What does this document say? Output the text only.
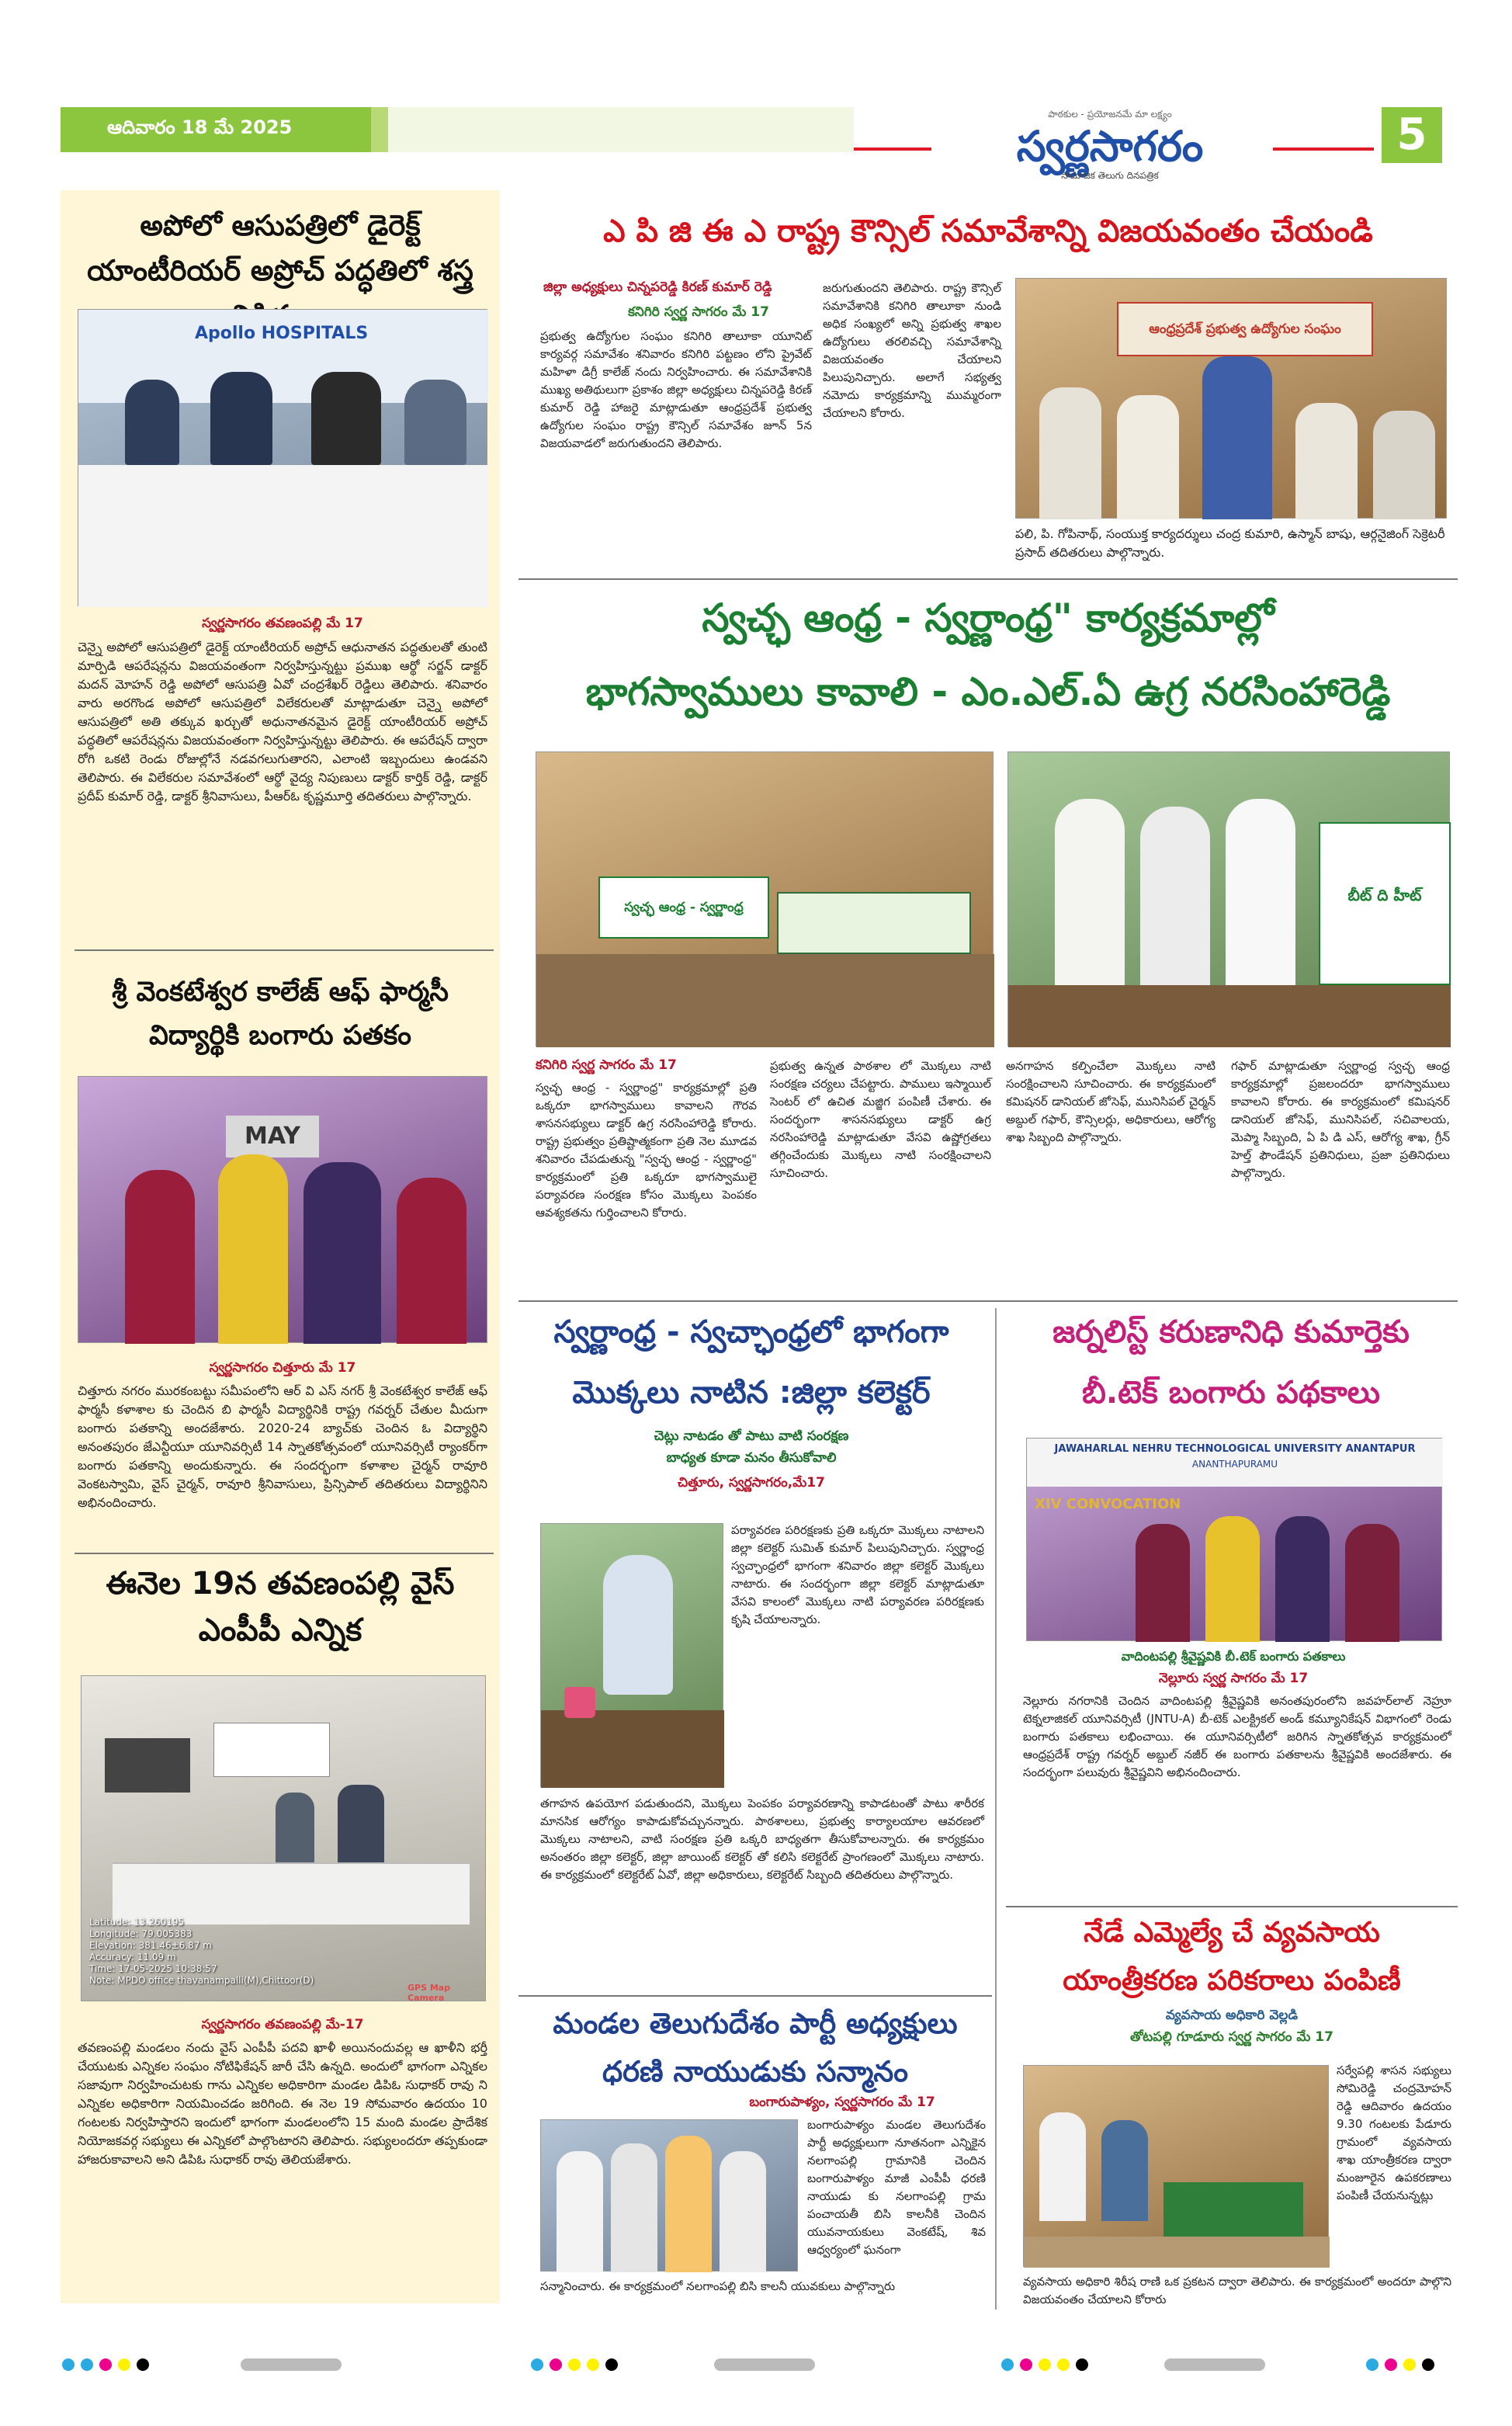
ఆదివారం 18 మే 2025
పాఠకుల - ప్రయోజనమే మా లక్ష్యం
స్వర్ణసాగరం
సామాజిక తెలుగు దినపత్రిక
5
అపోలో ఆసుపత్రిలో డైరెక్ట్ యాంటీరియర్ అప్రోచ్ పద్ధతిలో శస్త్ర
Apollo HOSPITALS
స్వర్ణసాగరం తవణంపల్లి మే 17
చెన్నై అపోలో ఆసుపత్రిలో డైరెక్ట్ యాంటీరియర్ అప్రోచ్ ఆధునాతన పద్ధతులతో తుంటి మార్పిడి ఆపరేషన్లను విజయవంతంగా నిర్వహిస్తున్నట్టు ప్రముఖ ఆర్థో సర్జన్ డాక్టర్ మదన్ మోహన్ రెడ్డి అపోలో ఆసుపత్రి ఏవో చంద్రశేఖర్ రెడ్డిలు తెలిపారు. శనివారం వారు అరగొండ అపోలో ఆసుపత్రిలో విలేకరులతో మాట్లాడుతూ చెన్నై అపోలో ఆసుపత్రిలో అతి తక్కువ ఖర్చుతో అధునాతనమైన డైరెక్ట్ యాంటీరియర్ అప్రోచ్ పద్ధతిలో ఆపరేషన్లను విజయవంతంగా నిర్వహిస్తున్నట్టు తెలిపారు. ఈ ఆపరేషన్ ద్వారా రోగి ఒకటి రెండు రోజుల్లోనే నడవగలుగుతారని, ఎలాంటి ఇబ్బందులు ఉండవని తెలిపారు. ఈ విలేకరుల సమావేశంలో ఆర్థో వైద్య నిపుణులు డాక్టర్ కార్తిక్ రెడ్డి, డాక్టర్ ప్రదీప్ కుమార్ రెడ్డి, డాక్టర్ శ్రీనివాసులు, పీఆర్‌ఓ కృష్ణమూర్తి తదితరులు పాల్గొన్నారు.
శ్రీ వెంకటేశ్వర కాలేజ్ ఆఫ్ ఫార్మసీ విద్యార్థికి బంగారు పతకం
MAY
స్వర్ణసాగరం చిత్తూరు మే 17
చిత్తూరు నగరం మురకంబట్టు సమీపంలోని ఆర్ వి ఎస్ నగర్ శ్రీ వెంకటేశ్వర కాలేజ్ ఆఫ్ ఫార్మసీ కళాశాల కు చెందిన బి ఫార్మసీ విద్యార్థినికి రాష్ట్ర గవర్నర్ చేతుల మీదుగా బంగారు పతకాన్ని అందజేశారు. 2020-24 బ్యాచ్‌కు చెందిన ఓ విద్యార్థిని అనంతపురం జేఎన్టీయూ యూనివర్సిటీ 14 స్నాతకోత్సవంలో యూనివర్సిటీ ర్యాంకర్‌గా బంగారు పతకాన్ని అందుకున్నారు. ఈ సందర్భంగా కళాశాల చైర్మన్ రావూరి వెంకటస్వామి, వైస్ చైర్మన్, రావూరి శ్రీనివాసులు, ప్రిన్సిపాల్ తదితరులు విద్యార్థినిని అభినందించారు.
ఈనెల 19న తవణంపల్లి వైస్ ఎంపీపీ ఎన్నిక
Latitude: 13.260195
Longitude: 79.005383
Elevation: 381.46±6.87 m
Accuracy: 11.09 m
Time: 17-05-2025 10:38:57
Note: MPDO office thavanampalli(M),Chittoor(D)
GPS Map Camera
స్వర్ణసాగరం తవణంపల్లి మే-17
తవణంపల్లి మండలం నందు వైస్ ఎంపీపీ పదవి ఖాళీ అయినందువల్ల ఆ ఖాళీని భర్తీ చేయుటకు ఎన్నికల సంఘం నోటిఫికేషన్ జారీ చేసి ఉన్నది. అందులో భాగంగా ఎన్నికల సజావుగా నిర్వహించుటకు గాను ఎన్నికల అధికారిగా మండల డిపిఓ సుధాకర్ రావు ని ఎన్నికల అధికారిగా నియమించడం జరిగింది. ఈ నెల 19 సోమవారం ఉదయం 10 గంటలకు నిర్వహిస్తారని ఇందులో భాగంగా మండలంలోని 15 మంది మండల ప్రాదేశిక నియోజకవర్గ సభ్యులు ఈ ఎన్నికలో పాల్గొంటారని తెలిపారు. సభ్యులందరూ తప్పకుండా హాజరుకావాలని అని డిపిఓ సుధాకర్ రావు తెలియజేశారు.
ఎ పి జి ఈ ఎ రాష్ట్ర కౌన్సిల్ సమావేశాన్ని విజయవంతం చేయండి
జిల్లా అధ్యక్షులు చిన్నపరెడ్డి కిరణ్ కుమార్ రెడ్డి
కనిగిరి స్వర్ణ సాగరం మే 17
ప్రభుత్వ ఉద్యోగుల సంఘం కనిగిరి తాలూకా యూనిట్ కార్యవర్గ సమావేశం శనివారం కనిగిరి పట్టణం లోని ప్రైవేట్ మహిళా డిగ్రీ కాలేజ్ నందు నిర్వహించారు. ఈ సమావేశానికి ముఖ్య అతిథులుగా ప్రకాశం జిల్లా అధ్యక్షులు చిన్నపరెడ్డి కిరణ్ కుమార్ రెడ్డి హాజరై మాట్లాడుతూ ఆంధ్రప్రదేశ్ ప్రభుత్వ ఉద్యోగుల సంఘం రాష్ట్ర కౌన్సిల్ సమావేశం జూన్ 5న విజయవాడలో జరుగుతుందని తెలిపారు.
జరుగుతుందని తెలిపారు. రాష్ట్ర కౌన్సిల్ సమావేశానికి కనిగిరి తాలూకా నుండి అధిక సంఖ్యలో అన్ని ప్రభుత్వ శాఖల ఉద్యోగులు తరలివచ్చి సమావేశాన్ని విజయవంతం చేయాలని పిలుపునిచ్చారు. అలాగే సభ్యత్వ నమోదు కార్యక్రమాన్ని ముమ్మరంగా చేయాలని కోరారు.
ఆంధ్రప్రదేశ్ ప్రభుత్వ ఉద్యోగుల సంఘం
పలి, పి. గోపినాథ్, సంయుక్త కార్యదర్శులు చంద్ర కుమారి, ఉస్మాన్ బాషు, ఆర్గనైజింగ్ సెక్రెటరీ ప్రసాద్ తదితరులు పాల్గొన్నారు.
స్వచ్ఛ ఆంధ్ర - స్వర్ణాంధ్ర" కార్యక్రమాల్లో
భాగస్వాములు కావాలి - ఎం.ఎల్.ఏ ఉగ్ర నరసింహారెడ్డి
స్వచ్ఛ ఆంధ్ర - స్వర్ణాంధ్ర
బీట్ ది హీట్
కనిగిరి స్వర్ణ సాగరం మే 17
స్వచ్ఛ ఆంధ్ర - స్వర్ణాంధ్ర" కార్యక్రమాల్లో ప్రతి ఒక్కరూ భాగస్వాములు కావాలని గౌరవ శాసనసభ్యులు డాక్టర్ ఉగ్ర నరసింహారెడ్డి కోరారు. రాష్ట్ర ప్రభుత్వం ప్రతిష్టాత్మకంగా ప్రతి నెల మూడవ శనివారం చేపడుతున్న "స్వచ్ఛ ఆంధ్ర - స్వర్ణాంధ్ర" కార్యక్రమంలో ప్రతి ఒక్కరూ భాగస్వాములై పర్యావరణ సంరక్షణ కోసం మొక్కలు పెంపకం ఆవశ్యకతను గుర్తించాలని కోరారు.
ప్రభుత్వ ఉన్నత పాఠశాల లో మొక్కలు నాటి సంరక్షణ చర్యలు చేపట్టారు. పాములు ఇస్మాయిల్ సెంటర్ లో ఉచిత మజ్జిగ పంపిణీ చేశారు. ఈ సందర్భంగా శాసనసభ్యులు డాక్టర్ ఉగ్ర నరసింహారెడ్డి మాట్లాడుతూ వేసవి ఉష్ణోగ్రతలు తగ్గించేందుకు మొక్కలు నాటి సంరక్షించాలని సూచించారు.
అనగాహన కల్పించేలా మొక్కలు నాటి సంరక్షించాలని సూచించారు. ఈ కార్యక్రమంలో కమిషనర్ డానియల్ జోసెఫ్, మునిసిపల్ చైర్మన్ అబ్దుల్ గఫార్, కౌన్సిలర్లు, అధికారులు, ఆరోగ్య శాఖ సిబ్బంది పాల్గొన్నారు.
గఫార్ మాట్లాడుతూ స్వర్ణాంధ్ర స్వచ్ఛ ఆంధ్ర కార్యక్రమాల్లో ప్రజలందరూ భాగస్వాములు కావాలని కోరారు. ఈ కార్యక్రమంలో కమిషనర్ డానియల్ జోసెఫ్, మునిసిపల్, సచివాలయ, మెప్మా సిబ్బంది, ఏ పి డి ఎస్, ఆరోగ్య శాఖ, గ్రీన్ హెల్త్ ఫౌండేషన్ ప్రతినిధులు, ప్రజా ప్రతినిధులు పాల్గొన్నారు.
స్వర్ణాంధ్ర - స్వచ్ఛాంధ్రలో భాగంగా
మొక్కలు నాటిన :జిల్లా కలెక్టర్
చెట్లు నాటడం తో పాటు వాటి సంరక్షణ
బాధ్యత కూడా మనం తీసుకోవాలి
చిత్తూరు, స్వర్ణసాగరం,మే17
పర్యావరణ పరిరక్షణకు ప్రతి ఒక్కరూ మొక్కలు నాటాలని జిల్లా కలెక్టర్ సుమిత్ కుమార్ పిలుపునిచ్చారు. స్వర్ణాంధ్ర స్వచ్ఛాంధ్రలో భాగంగా శనివారం జిల్లా కలెక్టర్ మొక్కలు నాటారు. ఈ సందర్భంగా జిల్లా కలెక్టర్ మాట్లాడుతూ వేసవి కాలంలో మొక్కలు నాటి పర్యావరణ పరిరక్షణకు కృషి చేయాలన్నారు.
తగాహన ఉపయోగ పడుతుందని, మొక్కలు పెంపకం పర్యావరణాన్ని కాపాడటంతో పాటు శారీరక మానసిక ఆరోగ్యం కాపాడుకోవచ్చునన్నారు. పాఠశాలలు, ప్రభుత్వ కార్యాలయాల ఆవరణలో మొక్కలు నాటాలని, వాటి సంరక్షణ ప్రతి ఒక్కరి బాధ్యతగా తీసుకోవాలన్నారు. ఈ కార్యక్రమం అనంతరం జిల్లా కలెక్టర్, జిల్లా జాయింట్ కలెక్టర్ తో కలిసి కలెక్టరేట్ ప్రాంగణంలో మొక్కలు నాటారు. ఈ కార్యక్రమంలో కలెక్టరేట్ ఏవో, జిల్లా అధికారులు, కలెక్టరేట్ సిబ్బంది తదితరులు పాల్గొన్నారు.
మండల తెలుగుదేశం పార్టీ అధ్యక్షులు
ధరణి నాయుడుకు సన్మానం
బంగారుపాళ్యం, స్వర్ణసాగరం మే 17
బంగారుపాళ్యం మండల తెలుగుదేశం పార్టీ అధ్యక్షులుగా నూతనంగా ఎన్నికైన నలగాంపల్లి గ్రామానికి చెందిన బంగారుపాళ్యం మాజీ ఎంపీపీ ధరణి నాయుడు కు నలగాంపల్లి గ్రామ పంచాయతీ బిసి కాలనీకి చెందిన యువనాయకులు వెంకటేష్, శివ ఆధ్వర్యంలో ఘనంగా
సన్మానించారు. ఈ కార్యక్రమంలో నలగాంపల్లి బిసి కాలనీ యువకులు పాల్గొన్నారు
జర్నలిస్ట్ కరుణానిధి కుమార్తెకు
బీ.టెక్ బంగారు పథకాలు
JAWAHARLAL NEHRU TECHNOLOGICAL UNIVERSITY ANANTAPUR
ANANTHAPURAMU
XIV CONVOCATION
వాదింటపల్లి శ్రీవైష్ణవికి బీ.టెక్ బంగారు పతకాలు
నెల్లూరు స్వర్ణ సాగరం మే 17
నెల్లూరు నగరానికి చెందిన వాదింటపల్లి శ్రీవైష్ణవికి అనంతపురంలోని జవహర్‌లాల్ నెహ్రూ టెక్నలాజికల్ యూనివర్సిటీ (JNTU-A) బీ-టెక్ ఎలక్ట్రికల్ అండ్ కమ్యూనికేషన్ విభాగంలో రెండు బంగారు పతకాలు లభించాయి. ఈ యూనివర్సిటీలో జరిగిన స్నాతకోత్సవ కార్యక్రమంలో ఆంధ్రప్రదేశ్ రాష్ట్ర గవర్నర్ అబ్దుల్ నజీర్ ఈ బంగారు పతకాలను శ్రీవైష్ణవికి అందజేశారు. ఈ సందర్భంగా పలువురు శ్రీవైష్ణవిని అభినందించారు.
నేడే ఎమ్మెల్యే చే వ్యవసాయ
యాంత్రీకరణ పరికరాలు పంపిణీ
వ్యవసాయ అధికారి వెల్లడి
తోటపల్లి గూడూరు స్వర్ణ సాగరం మే 17
సర్వేపల్లి శాసన సభ్యులు సోమిరెడ్డి చంద్రమోహన్ రెడ్డి ఆదివారం ఉదయం 9.30 గంటలకు పేడూరు గ్రామంలో వ్యవసాయ శాఖ యాంత్రీకరణ ద్వారా మంజూరైన ఉపకరణాలు పంపిణీ చేయనున్నట్లు
వ్యవసాయ అధికారి శిరీష రాణి ఒక ప్రకటన ద్వారా తెలిపారు. ఈ కార్యక్రమంలో అందరూ పాల్గొని విజయవంతం చేయాలని కోరారు
